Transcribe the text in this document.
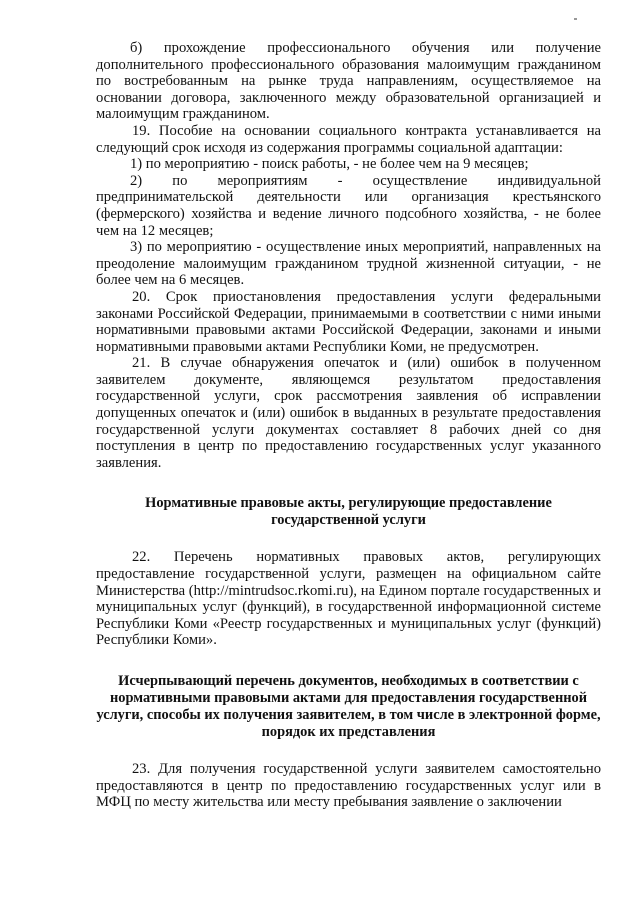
б) прохождение профессионального обучения или получение дополнительного профессионального образования малоимущим гражданином по востребованным на рынке труда направлениям, осуществляемое на основании договора, заключенного между образовательной организацией и малоимущим гражданином.

19. Пособие на основании социального контракта устанавливается на следующий срок исходя из содержания программы социальной адаптации:

1) по мероприятию - поиск работы, - не более чем на 9 месяцев;

2) по мероприятиям - осуществление индивидуальной предпринимательской деятельности или организация крестьянского (фермерского) хозяйства и ведение личного подсобного хозяйства, - не более чем на 12 месяцев;

3) по мероприятию - осуществление иных мероприятий, направленных на преодоление малоимущим гражданином трудной жизненной ситуации, - не более чем на 6 месяцев.

20. Срок приостановления предоставления услуги федеральными законами Российской Федерации, принимаемыми в соответствии с ними иными нормативными правовыми актами Российской Федерации, законами и иными нормативными правовыми актами Республики Коми, не предусмотрен.

21. В случае обнаружения опечаток и (или) ошибок в полученном заявителем документе, являющемся результатом предоставления государственной услуги, срок рассмотрения заявления об исправлении допущенных опечаток и (или) ошибок в выданных в результате предоставления государственной услуги документах составляет 8 рабочих дней со дня поступления в центр по предоставлению государственных услуг указанного заявления.

Нормативные правовые акты, регулирующие предоставление государственной услуги

22. Перечень нормативных правовых актов, регулирующих предоставление государственной услуги, размещен на официальном сайте Министерства (http://mintrudsoc.rkomi.ru), на Едином портале государственных и муниципальных услуг (функций), в государственной информационной системе Республики Коми «Реестр государственных и муниципальных услуг (функций) Республики Коми».

Исчерпывающий перечень документов, необходимых в соответствии с нормативными правовыми актами для предоставления государственной услуги, способы их получения заявителем, в том числе в электронной форме, порядок их представления

23. Для получения государственной услуги заявителем самостоятельно предоставляются в центр по предоставлению государственных услуг или в МФЦ по месту жительства или месту пребывания заявление о заключении
